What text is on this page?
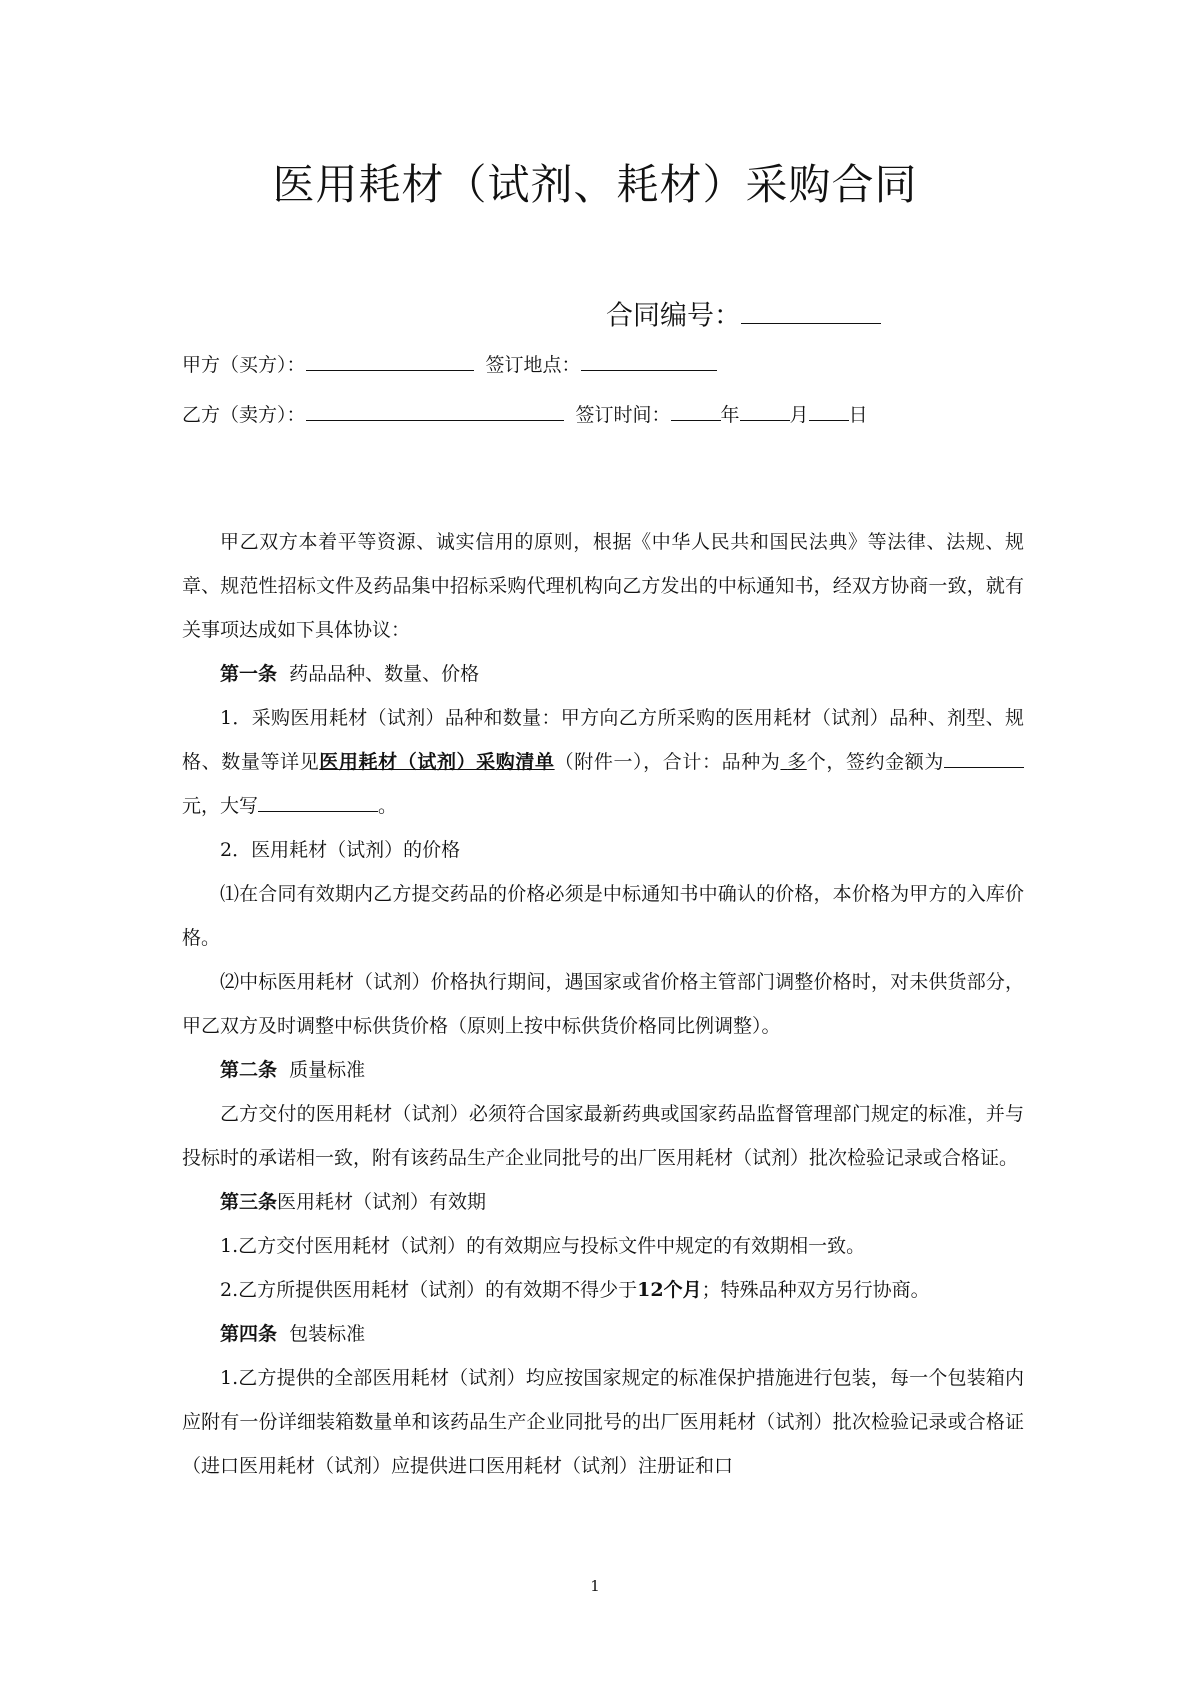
医用耗材（试剂、耗材）采购合同
合同编号：
甲方（买方）：	签订地点：
乙方（卖方）：	签订时间：	年	月 日

甲乙双方本着平等资源、诚实信用的原则，根据《中华人民共和国民法典》等法律、法规、规章、规范性招标文件及药品集中招标采购代理机构向乙方发出的中标通知书，经双方协商一致，就有关事项达成如下具体协议：

第一条 药品品种、数量、价格

1．采购医用耗材（试剂）品种和数量：甲方向乙方所采购的医用耗材（试剂）品种、剂型、规格、数量等详见医用耗材（试剂）采购清单（附件一），合计：品种为 多个，签约金额为元，大写	。

2．医用耗材（试剂）的价格

⑴在合同有效期内乙方提交药品的价格必须是中标通知书中确认的价格，本价格为甲方的入库价格。

⑵中标医用耗材（试剂）价格执行期间，遇国家或省价格主管部门调整价格时，对未供货部分，甲乙双方及时调整中标供货价格（原则上按中标供货价格同比例调整）。

第二条 质量标准

乙方交付的医用耗材（试剂）必须符合国家最新药典或国家药品监督管理部门规定的标准，并与投标时的承诺相一致，附有该药品生产企业同批号的出厂医用耗材（试剂）批次检验记录或合格证。

第三条医用耗材（试剂）有效期

1.乙方交付医用耗材（试剂）的有效期应与投标文件中规定的有效期相一致。

2.乙方所提供医用耗材（试剂）的有效期不得少于12个月；特殊品种双方另行协商。

第四条 包装标准

1.乙方提供的全部医用耗材（试剂）均应按国家规定的标准保护措施进行包装，每一个包装箱内应附有一份详细装箱数量单和该药品生产企业同批号的出厂医用耗材（试剂）批次检验记录或合格证（进口医用耗材（试剂）应提供进口医用耗材（试剂）注册证和口

1
